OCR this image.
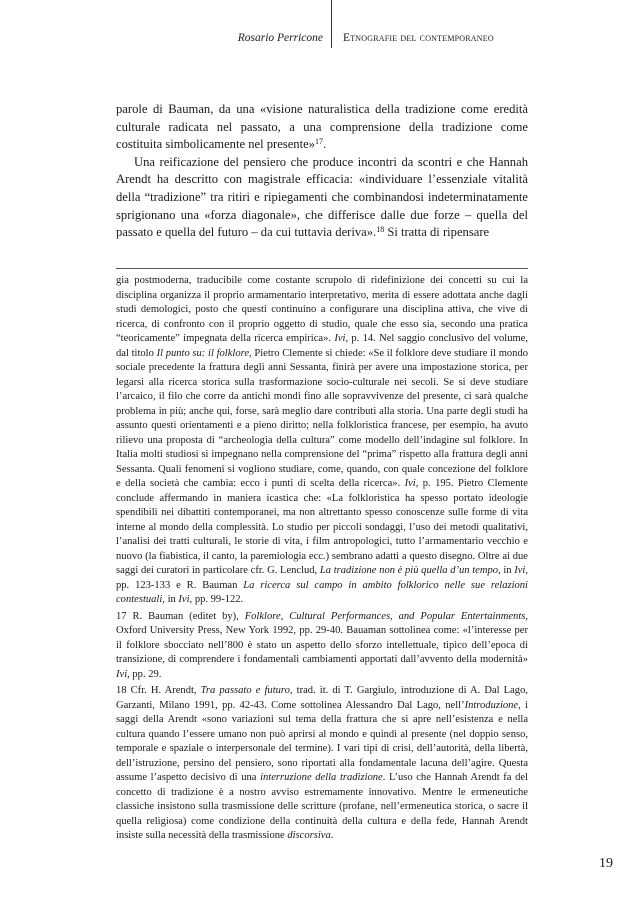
Rosario Perricone Etnografie del contemporaneo

parole di Bauman, da una «visione naturalistica della tradizione come eredità culturale radicata nel passato, a una comprensione della tradizione come costituita simbolicamente nel presente»$^{17}$.

Una reificazione del pensiero che produce incontri da scontri e che Hannah Arendt ha descritto con magistrale efficacia: «individuare l’essenziale vitalità della “tradizione” tra ritiri e ripiegamenti che combinandosi indeterminatamente sprigionano una «forza diagonale», che differisce dalle due forze – quella del passato e quella del futuro – da cui tuttavia deriva».$^{18}$ Si tratta di ripensare

gia postmoderna, traducibile come costante scrupolo di ridefinizione dei concetti su cui la disciplina organizza il proprio armamentario interpretativo, merita di essere adottata anche dagli studi demologici, posto che questi continuino a configurare una disciplina attiva, che vive di ricerca, di confronto con il proprio oggetto di studio, quale che esso sia, secondo una pratica “teoricamente” impegnata della ricerca empirica». Ivi, p. 14. Nel saggio conclusivo del volume, dal titolo Il punto su: il folklore, Pietro Clemente si chiede: «Se il folklore deve studiare il mondo sociale precedente la frattura degli anni Sessanta, finirà per avere una impostazione storica, per legarsi alla ricerca storica sulla trasformazione socio-culturale nei secoli. Se si deve studiare l’arcaico, il filo che corre da antichi mondi fino alle sopravvivenze del presente, ci sarà qualche problema in più; anche qui, forse, sarà meglio dare contributi alla storia. Una parte degli studi ha assunto questi orientamenti e a pieno diritto; nella folkloristica francese, per esempio, ha avuto rilievo una proposta di “archeologia della cultura” come modello dell’indagine sul folklore. In Italia molti studiosi si impegnano nella comprensione del “prima” rispetto alla frattura degli anni Sessanta. Quali fenomeni si vogliono studiare, come, quando, con quale concezione del folklore e della società che cambia: ecco i punti di scelta della ricerca». Ivi, p. 195. Pietro Clemente conclude affermando in maniera icastica che: «La folkloristica ha spesso portato ideologie spendibili nei dibattiti contemporanei, ma non altrettanto spesso conoscenze sulle forme di vita interne al mondo della complessità. Lo studio per piccoli sondaggi, l’uso dei metodi qualitativi, l’analisi dei tratti culturali, le storie di vita, i film antropologici, tutto l’armamentario vecchio e nuovo (la fiabistica, il canto, la paremiologia ecc.) sembrano adatti a questo disegno. Oltre ai due saggi dei curatori in particolare cfr. G. Lenclud, La tradizione non è più quella d’un tempo, in Ivi, pp. 123-133 e R. Bauman La ricerca sul campo in ambito folklorico nelle sue relazioni contestuali, in Ivi, pp. 99-122.

17 R. Bauman (editet by), Folklore, Cultural Performances, and Popular Entertainments, Oxford University Press, New York 1992, pp. 29-40. Bauaman sottolinea come: «l’interesse per il folklore sbocciato nell’800 è stato un aspetto dello sforzo intellettuale, tipico dell’epoca di transizione, di comprendere i fondamentali cambiamenti apportati dall’avvento della modernità» Ivi, pp. 29.

18 Cfr. H. Arendt, Tra passato e futuro, trad. it. di T. Gargiulo, introduzione di A. Dal Lago, Garzanti, Milano 1991, pp. 42-43. Come sottolinea Alessandro Dal Lago, nell’Introduzione, i saggi della Arendt «sono variazioni sul tema della frattura che si apre nell’esistenza e nella cultura quando l’essere umano non può aprirsi al mondo e quindi al presente (nel doppio senso, temporale e spaziale o interpersonale del termine). I vari tipi di crisi, dell’autorità, della libertà, dell’istruzione, persino del pensiero, sono riportati alla fondamentale lacuna dell’agire. Questa assume l’aspetto decisivo di una interruzione della tradizione. L’uso che Hannah Arendt fa del concetto di tradizione è a nostro avviso estremamente innovativo. Mentre le ermeneutiche classiche insistono sulla trasmissione delle scritture (profane, nell’ermeneutica storica, o sacre il quella religiosa) come condizione della continuità della cultura e della fede, Hannah Arendt insiste sulla necessità della trasmissione discorsiva.

19
